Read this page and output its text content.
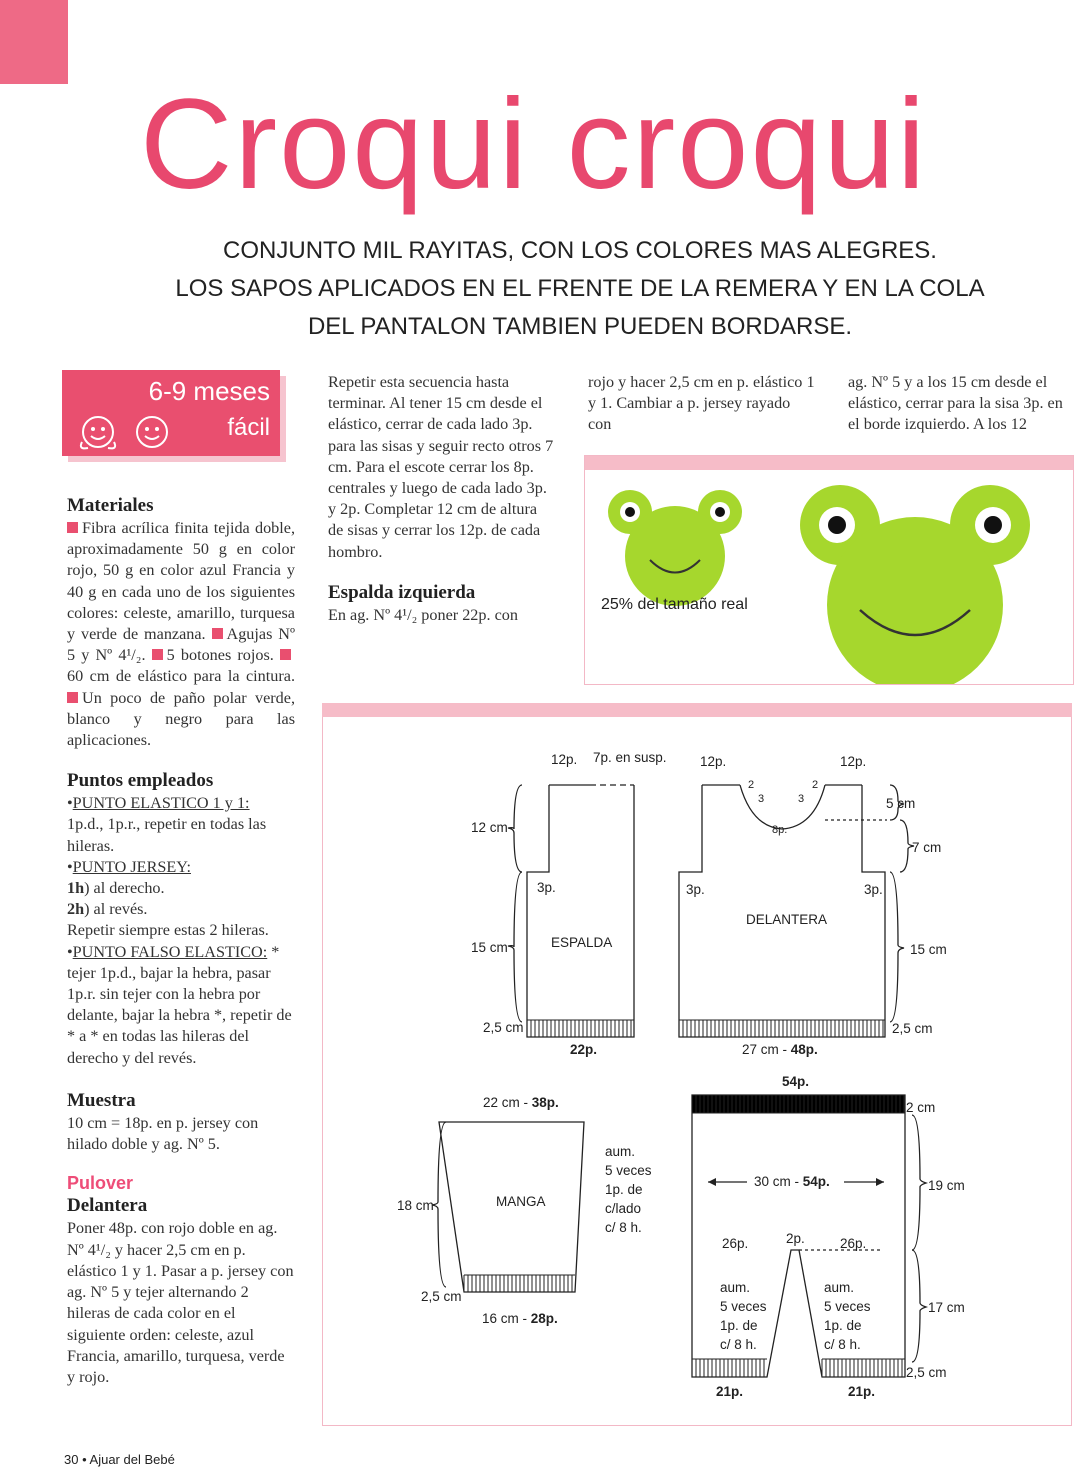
Croqui croqui
CONJUNTO MIL RAYITAS, CON LOS COLORES MAS ALEGRES.
LOS SAPOS APLICADOS EN EL FRENTE DE LA REMERA Y EN LA COLA
DEL PANTALON TAMBIEN PUEDEN BORDARSE.
6-9 meses
fácil

Materiales

Fibra acrílica finita tejida doble, aproximadamente 50 g en color rojo, 50 g en color azul Francia y 40 g en cada uno de los siguientes colores: celeste, amarillo, turquesa y verde de manzana. Agujas Nº 5 y Nº 4¹/₂. 5 botones rojos. 60 cm de elástico para la cintura. Un poco de paño polar verde, blanco y negro para las aplicaciones.

Puntos empleados

•PUNTO ELASTICO 1 y 1:
1p.d., 1p.r., repetir en todas las hileras.

•PUNTO JERSEY:
1h) al derecho.
2h) al revés.
Repetir siempre estas 2 hileras.

•PUNTO FALSO ELASTICO: * tejer 1p.d., bajar la hebra, pasar 1p.r. sin tejer con la hebra por delante, bajar la hebra *, repetir de * a * en todas las hileras del derecho y del revés.

Muestra

10 cm = 18p. en p. jersey con hilado doble y ag. Nº 5.

Pulover

Delantera

Poner 48p. con rojo doble en ag. Nº 4¹/₂ y hacer 2,5 cm en p. elástico 1 y 1. Pasar a p. jersey con ag. Nº 5 y tejer alternando 2 hileras de cada color en el siguiente orden: celeste, azul Francia, amarillo, turquesa, verde y rojo.

Repetir esta secuencia hasta terminar. Al tener 15 cm desde el elástico, cerrar de cada lado 3p. para las sisas y seguir recto otros 7 cm. Para el escote cerrar los 8p. centrales y luego de cada lado 3p. y 2p. Completar 12 cm de altura de sisas y cerrar los 12p. de cada hombro.

Espalda izquierda

En ag. Nº 4¹/₂ poner 22p. con

rojo y hacer 2,5 cm en p. elástico 1 y 1. Cambiar a p. jersey rayado con

ag. Nº 5 y a los 15 cm desde el elástico, cerrar para la sisa 3p. en el borde izquierdo. A los 12

25% del tamaño real
12p. 7p. en susp.
12 cm
3p.
ESPALDA
15 cm
2,5 cm
22p.
12p.	12p.
2
3
2
3
8p.
5 cm
7 cm
3p.	3p.
DELANTERA
15 cm
2,5 cm
27 cm - 48p.
22 cm - 38p.
aum.
5 veces
1p. de
c/lado
c/ 8 h.
MANGA
18 cm
2,5 cm
16 cm - 28p.
54p.
2 cm
30 cm - 54p.	19 cm
26p.	2p.	26p.
aum.
5 veces
1p. de
c/ 8 h.
aum.
5 veces
1p. de
c/ 8 h.
17 cm
2,5 cm
21p.	21p.
30 • Ajuar del Bebé
